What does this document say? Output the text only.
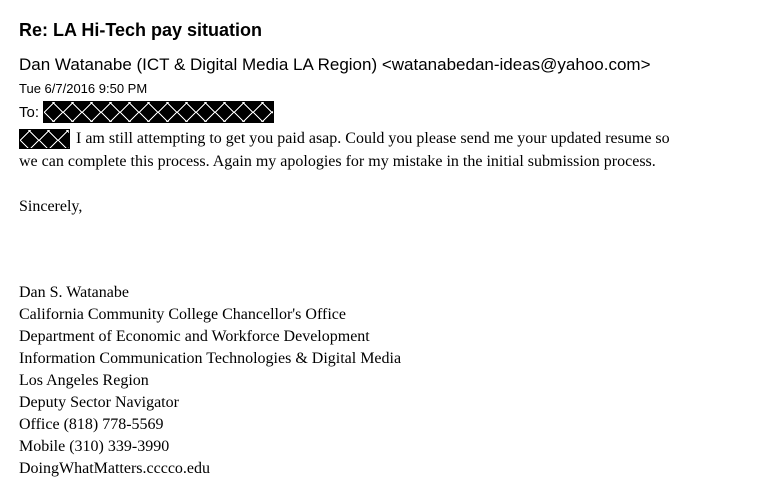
Re: LA Hi-Tech pay situation
Dan Watanabe (ICT & Digital Media LA Region) <watanabedan-ideas@yahoo.com>
Tue 6/7/2016 9:50 PM
To:
I am still attempting to get you paid asap. Could you please send me your updated resume so
we can complete this process. Again my apologies for my mistake in the initial submission process.
Sincerely,
Dan S. Watanabe
California Community College Chancellor's Office
Department of Economic and Workforce Development
Information Communication Technologies & Digital Media
Los Angeles Region
Deputy Sector Navigator
Office (818) 778-5569
Mobile (310) 339-3990
DoingWhatMatters.cccco.edu
